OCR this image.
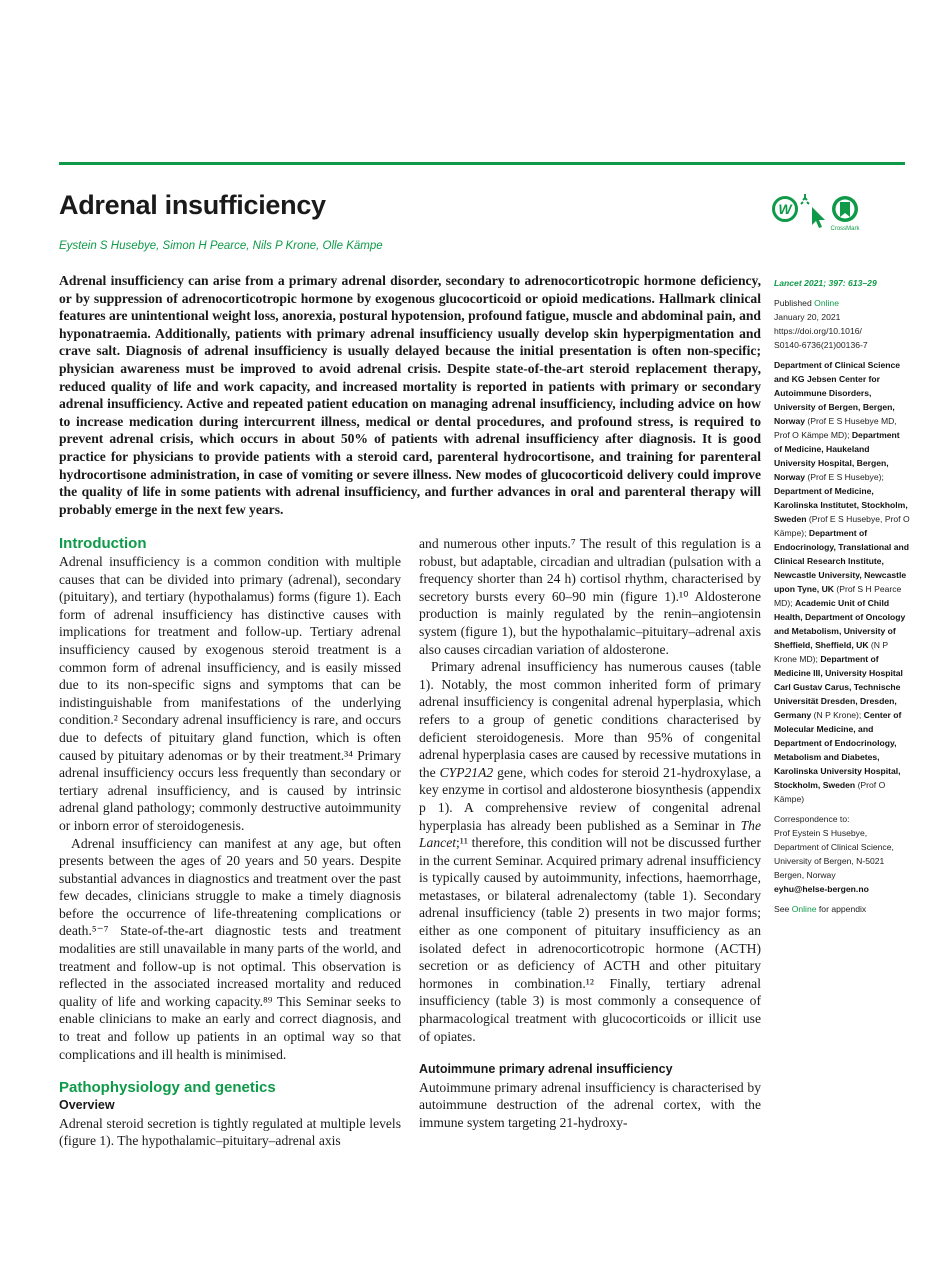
Adrenal insufficiency	W
CrossMark
Eystein S Husebye, Simon H Pearce, Nils P Krone, Olle Kämpe

Adrenal insufficiency can arise from a primary adrenal disorder, secondary to adrenocorticotropic hormone deficiency, or by suppression of adrenocorticotropic hormone by exogenous glucocorticoid or opioid medications. Hallmark clinical features are unintentional weight loss, anorexia, postural hypotension, profound fatigue, muscle and abdominal pain, and hyponatraemia. Additionally, patients with primary adrenal insufficiency usually develop skin hyperpigmentation and crave salt. Diagnosis of adrenal insufficiency is usually delayed because the initial presentation is often non-specific; physician awareness must be improved to avoid adrenal crisis. Despite state-of-the-art steroid replacement therapy, reduced quality of life and work capacity, and increased mortality is reported in patients with primary or secondary adrenal insufficiency. Active and repeated patient education on managing adrenal insufficiency, including advice on how to increase medication during intercurrent illness, medical or dental procedures, and profound stress, is required to prevent adrenal crisis, which occurs in about 50% of patients with adrenal insufficiency after diagnosis. It is good practice for physicians to provide patients with a steroid card, parenteral hydrocortisone, and training for parenteral hydrocortisone administration, in case of vomiting or severe illness. New modes of glucocorticoid delivery could improve the quality of life in some patients with adrenal insufficiency, and further advances in oral and parenteral therapy will probably emerge in the next few years.

Lancet 2021; 397: 613–29

Published Online

January 20, 2021

https://doi.org/10.1016/

S0140-6736(21)00136-7

Department of Clinical Science and KG Jebsen Center for Autoimmune Disorders, University of Bergen, Bergen, Norway (Prof E S Husebye MD, Prof O Kämpe MD); Department of Medicine, Haukeland University Hospital, Bergen, Norway (Prof E S Husebye); Department of Medicine, Karolinska Institutet, Stockholm, Sweden (Prof E S Husebye, Prof O Kämpe); Department of Endocrinology, Translational and Clinical Research Institute, Newcastle University, Newcastle upon Tyne, UK (Prof S H Pearce MD); Academic Unit of Child Health, Department of Oncology and Metabolism, University of Sheffield, Sheffield, UK (N P Krone MD); Department of Medicine III, University Hospital Carl Gustav Carus, Technische Universität Dresden, Dresden, Germany (N P Krone); Center of Molecular Medicine, and Department of Endocrinology, Metabolism and Diabetes, Karolinska University Hospital, Stockholm, Sweden (Prof O Kämpe)

Correspondence to:

Prof Eystein S Husebye,

Department of Clinical Science, University of Bergen, N-5021 Bergen, Norway

eyhu@helse-bergen.no

See Online for appendix

Introduction

Adrenal insufficiency is a common condition with multiple causes that can be divided into primary (adrenal), secondary (pituitary), and tertiary (hypothalamus) forms (figure 1). Each form of adrenal insufficiency has distinctive causes with implications for treatment and follow-up. Tertiary adrenal insufficiency caused by exogenous steroid treatment is a common form of adrenal insufficiency, and is easily missed due to its non-specific signs and symptoms that can be indistinguishable from manifestations of the underlying condition.² Secondary adrenal insufficiency is rare, and occurs due to defects of pituitary gland function, which is often caused by pituitary adenomas or by their treatment.³⁴ Primary adrenal insufficiency occurs less frequently than secondary or tertiary adrenal insufficiency, and is caused by intrinsic adrenal gland pathology; commonly destructive autoimmunity or inborn error of steroidogenesis.

Adrenal insufficiency can manifest at any age, but often presents between the ages of 20 years and 50 years. Despite substantial advances in diagnostics and treatment over the past few decades, clinicians struggle to make a timely diagnosis before the occurrence of life-threatening complications or death.⁵⁻⁷ State-of-the-art diagnostic tests and treatment modalities are still unavailable in many parts of the world, and treatment and follow-up is not optimal. This observation is reflected in the associated increased mortality and reduced quality of life and working capacity.⁸⁹ This Seminar seeks to enable clinicians to make an early and correct diagnosis, and to treat and follow up patients in an optimal way so that complications and ill health is minimised.

Pathophysiology and genetics
Overview

Adrenal steroid secretion is tightly regulated at multiple levels (figure 1). The hypothalamic–pituitary–adrenal axis

and numerous other inputs.⁷ The result of this regulation is a robust, but adaptable, circadian and ultradian (pulsation with a frequency shorter than 24 h) cortisol rhythm, characterised by secretory bursts every 60–90 min (figure 1).¹⁰ Aldosterone production is mainly regulated by the renin–angiotensin system (figure 1), but the hypothalamic–pituitary–adrenal axis also causes circadian variation of aldosterone.

Primary adrenal insufficiency has numerous causes (table 1). Notably, the most common inherited form of primary adrenal insufficiency is congenital adrenal hyperplasia, which refers to a group of genetic conditions characterised by deficient steroidogenesis. More than 95% of congenital adrenal hyperplasia cases are caused by recessive mutations in the CYP21A2 gene, which codes for steroid 21-hydroxylase, a key enzyme in cortisol and aldosterone biosynthesis (appendix p 1). A comprehensive review of congenital adrenal hyperplasia has already been published as a Seminar in The Lancet;¹¹ therefore, this condition will not be discussed further in the current Seminar. Acquired primary adrenal insufficiency is typically caused by autoimmunity, infections, haemorrhage, metastases, or bilateral adrenalectomy (table 1). Secondary adrenal insufficiency (table 2) presents in two major forms; either as one component of pituitary insufficiency as an isolated defect in adrenocorticotropic hormone (ACTH) secretion or as deficiency of ACTH and other pituitary hormones in combination.¹² Finally, tertiary adrenal insufficiency (table 3) is most commonly a consequence of pharmacological treatment with glucocorticoids or illicit use of opiates.

Autoimmune primary adrenal insufficiency

Autoimmune primary adrenal insufficiency is characterised by autoimmune destruction of the adrenal cortex, with the immune system targeting 21-hydroxy-
